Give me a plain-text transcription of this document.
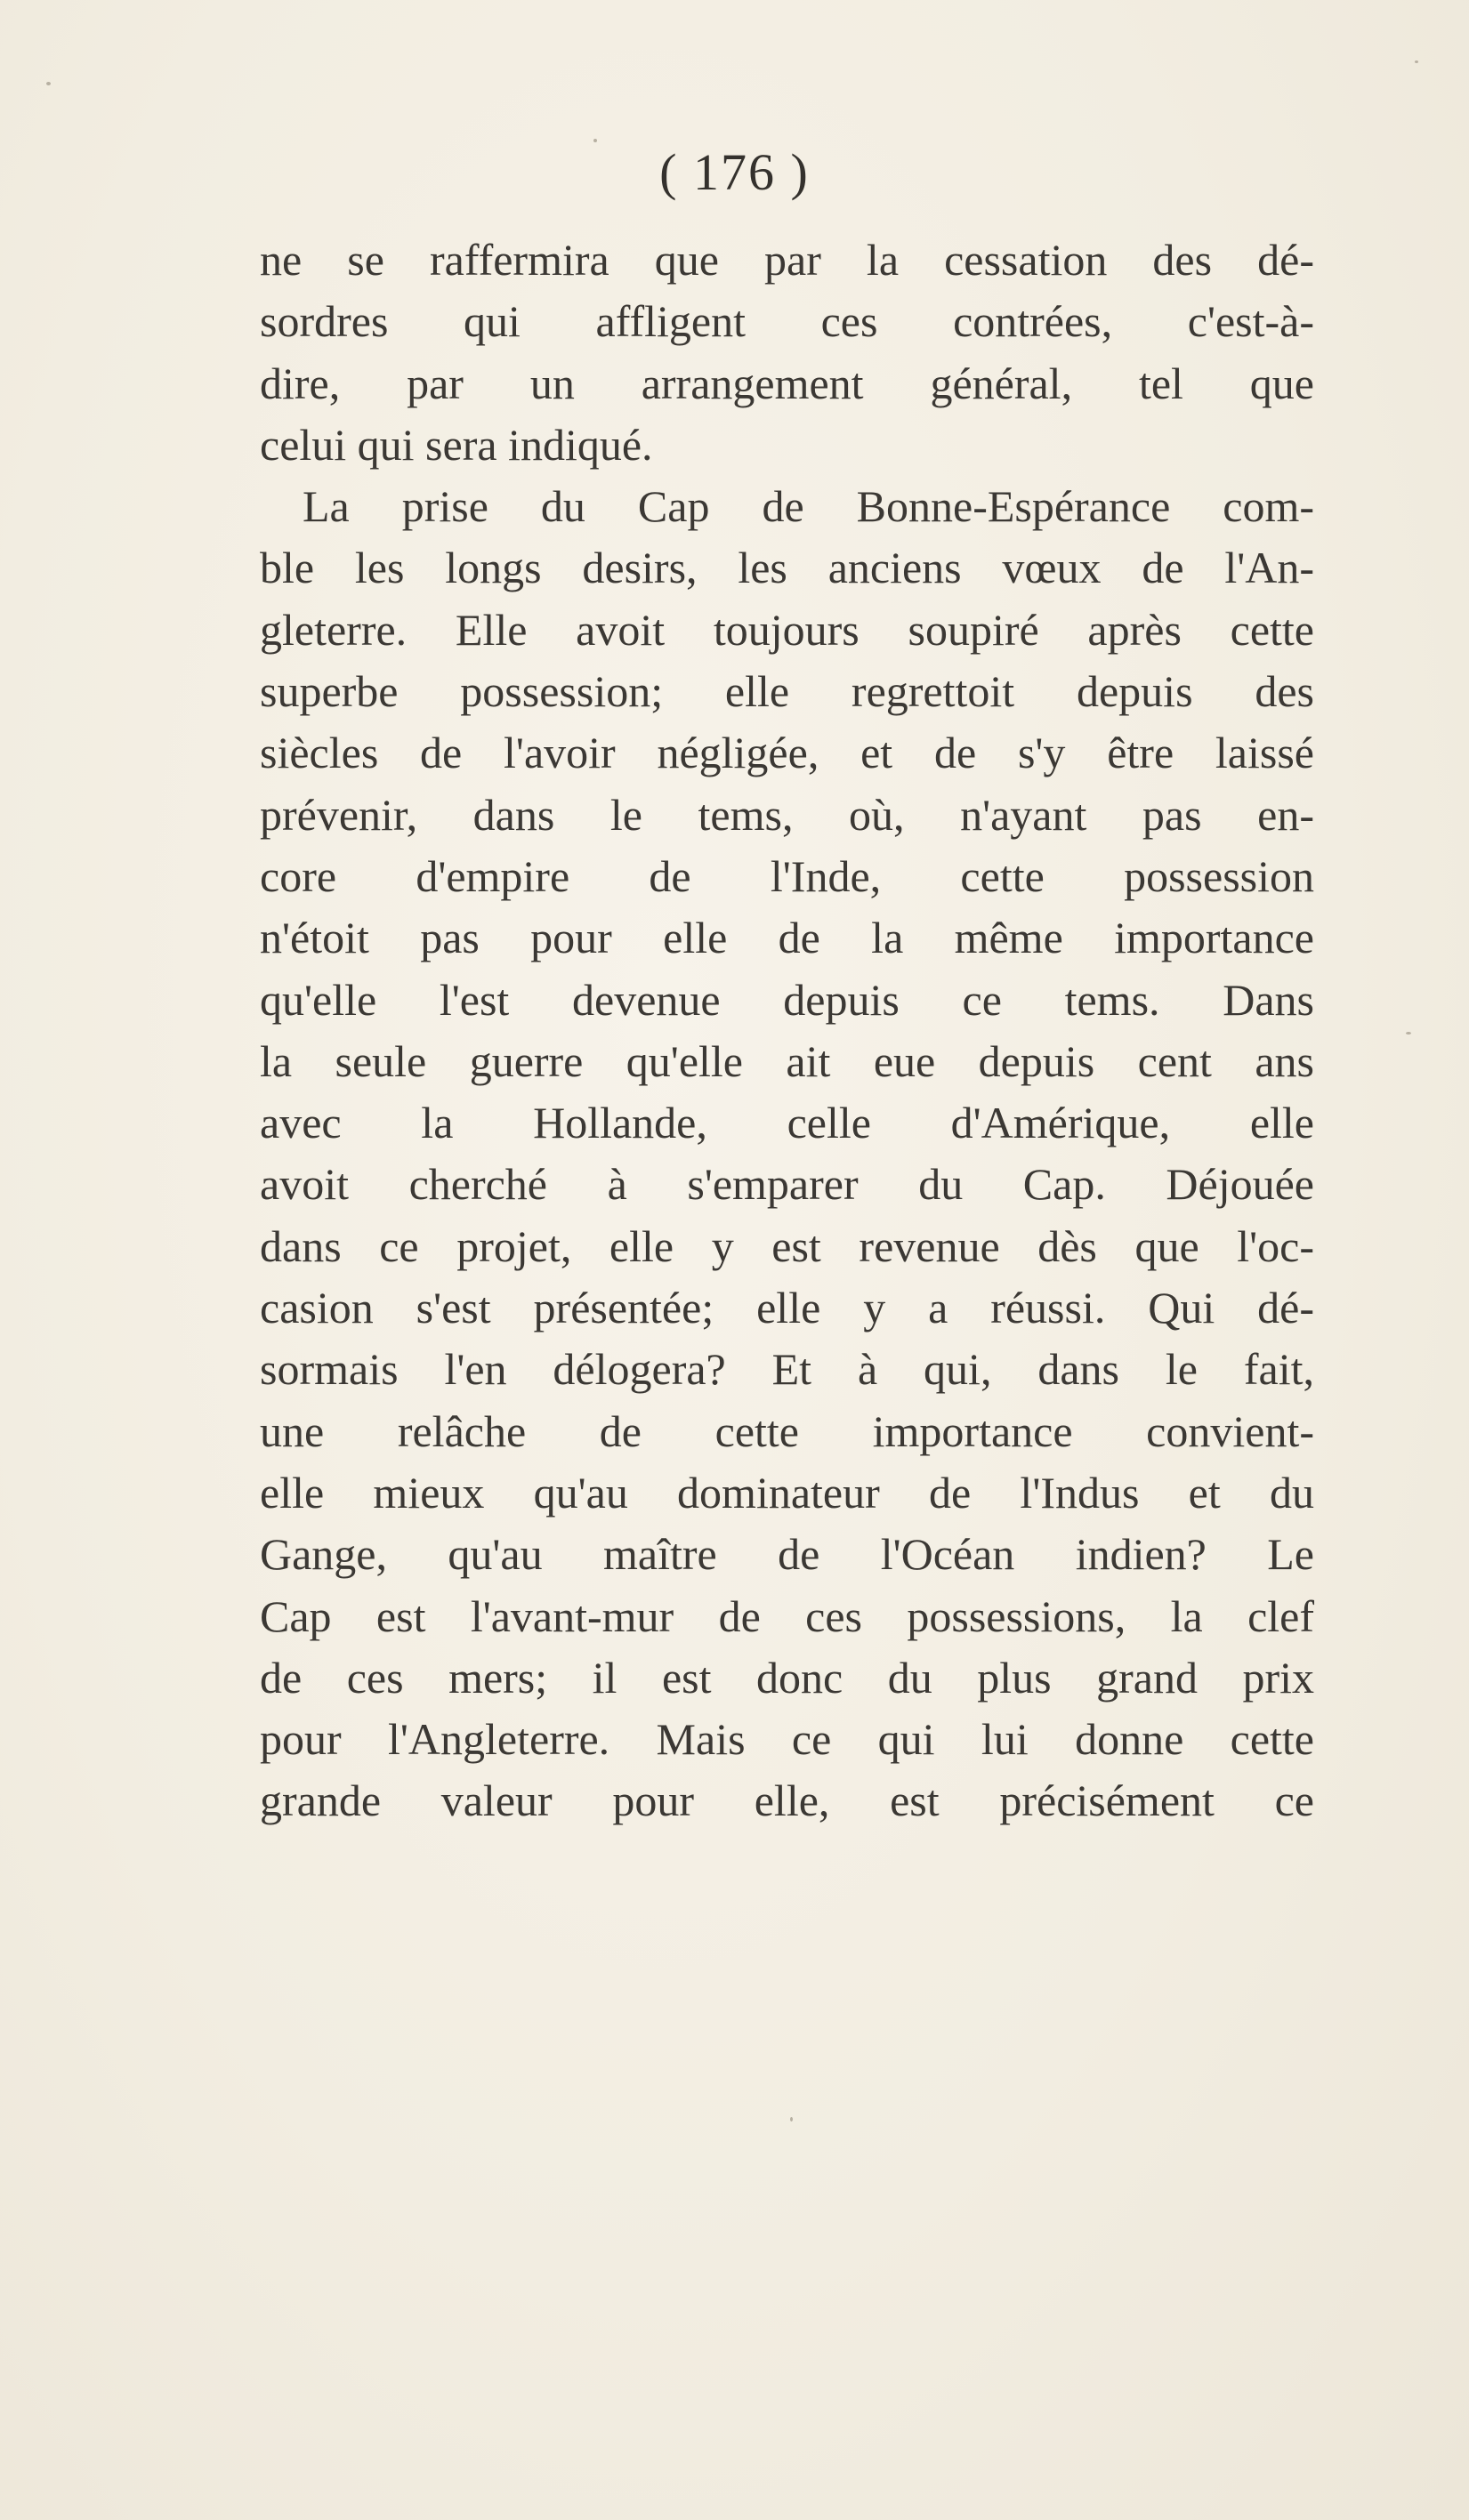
( 176 )
ne se raffermira que par la cessation des dé-
sordres qui affligent ces contrées, c'est-à-
dire, par un arrangement général, tel que
celui qui sera indiqué.
La prise du Cap de Bonne-Espérance com-
ble les longs desirs, les anciens vœux de l'An-
gleterre. Elle avoit toujours soupiré après cette
superbe possession; elle regrettoit depuis des
siècles de l'avoir négligée, et de s'y être laissé
prévenir, dans le tems, où, n'ayant pas en-
core d'empire de l'Inde, cette possession
n'étoit pas pour elle de la même importance
qu'elle l'est devenue depuis ce tems. Dans
la seule guerre qu'elle ait eue depuis cent ans
avec la Hollande, celle d'Amérique, elle
avoit cherché à s'emparer du Cap. Déjouée
dans ce projet, elle y est revenue dès que l'oc-
casion s'est présentée; elle y a réussi. Qui dé-
sormais l'en délogera? Et à qui, dans le fait,
une relâche de cette importance convient-
elle mieux qu'au dominateur de l'Indus et du
Gange, qu'au maître de l'Océan indien? Le
Cap est l'avant-mur de ces possessions, la clef
de ces mers; il est donc du plus grand prix
pour l'Angleterre. Mais ce qui lui donne cette
grande valeur pour elle, est précisément ce
